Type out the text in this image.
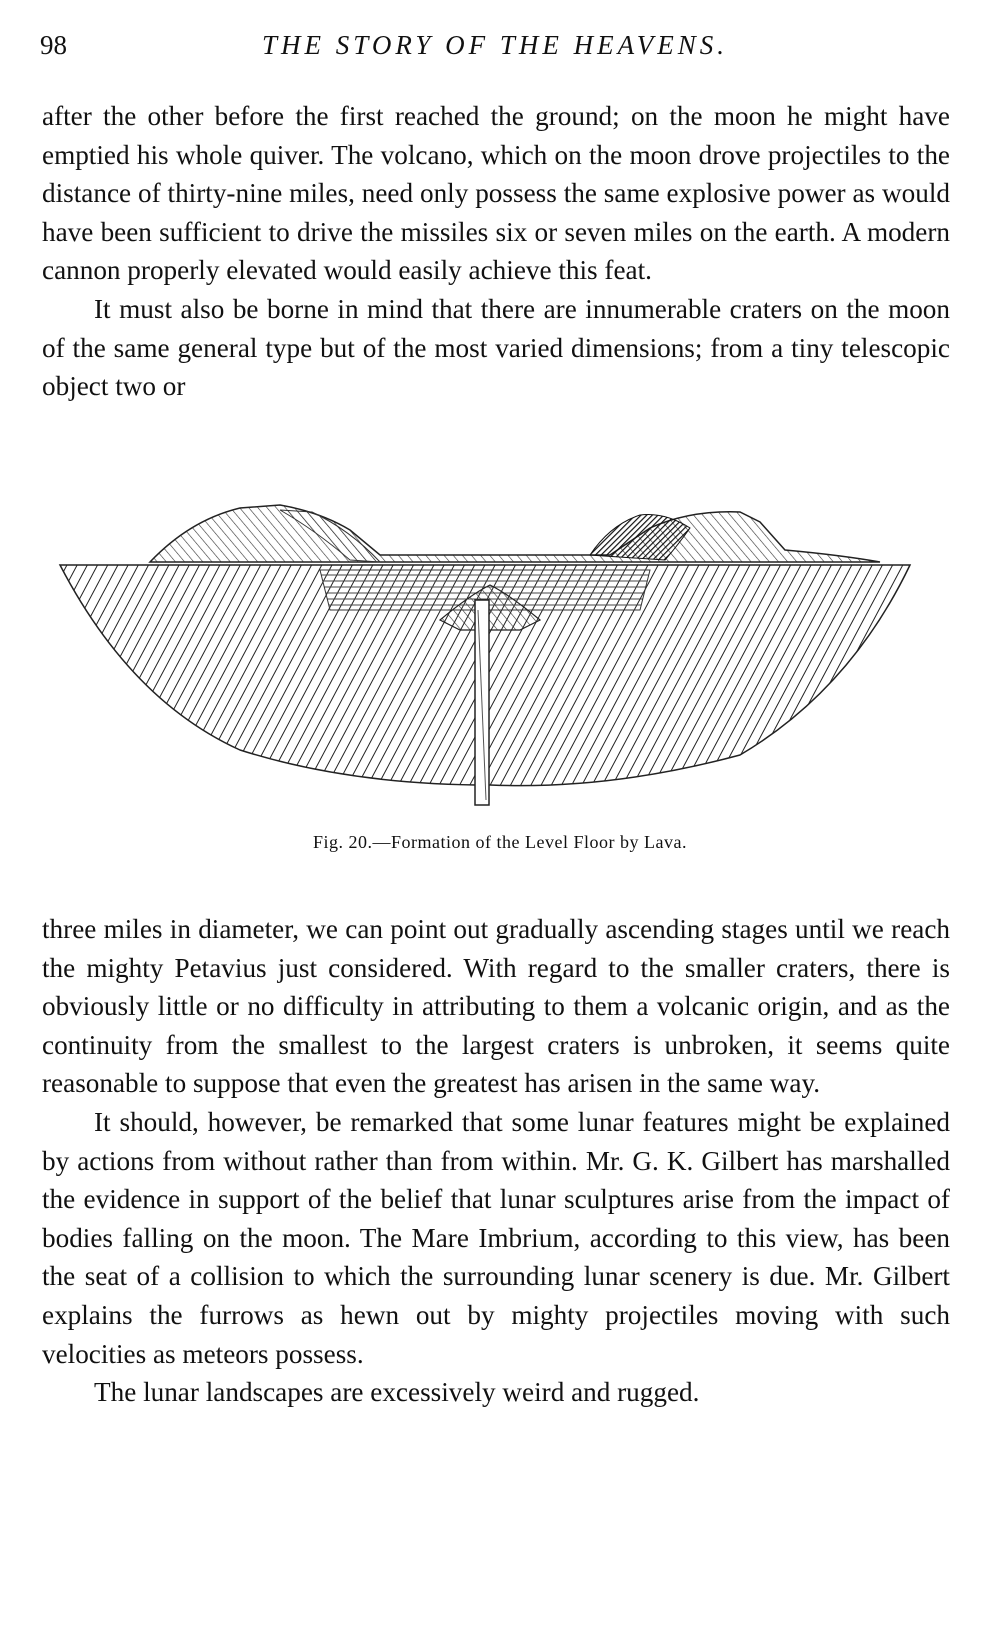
98	THE STORY OF THE HEAVENS.

after the other before the first reached the ground; on the moon he might have emptied his whole quiver. The volcano, which on the moon drove projectiles to the distance of thirty-nine miles, need only possess the same explosive power as would have been sufficient to drive the missiles six or seven miles on the earth. A modern cannon properly elevated would easily achieve this feat.

It must also be borne in mind that there are innumerable craters on the moon of the same general type but of the most varied dimensions; from a tiny telescopic object two or

Fig. 20.—Formation of the Level Floor by Lava.

three miles in diameter, we can point out gradually ascending stages until we reach the mighty Petavius just considered. With regard to the smaller craters, there is obviously little or no difficulty in attributing to them a volcanic origin, and as the continuity from the smallest to the largest craters is unbroken, it seems quite reasonable to suppose that even the greatest has arisen in the same way.

It should, however, be remarked that some lunar features might be explained by actions from without rather than from within. Mr. G. K. Gilbert has marshalled the evidence in support of the belief that lunar sculptures arise from the impact of bodies falling on the moon. The Mare Imbrium, according to this view, has been the seat of a collision to which the surrounding lunar scenery is due. Mr. Gilbert explains the furrows as hewn out by mighty projectiles moving with such velocities as meteors possess.

The lunar landscapes are excessively weird and rugged.
